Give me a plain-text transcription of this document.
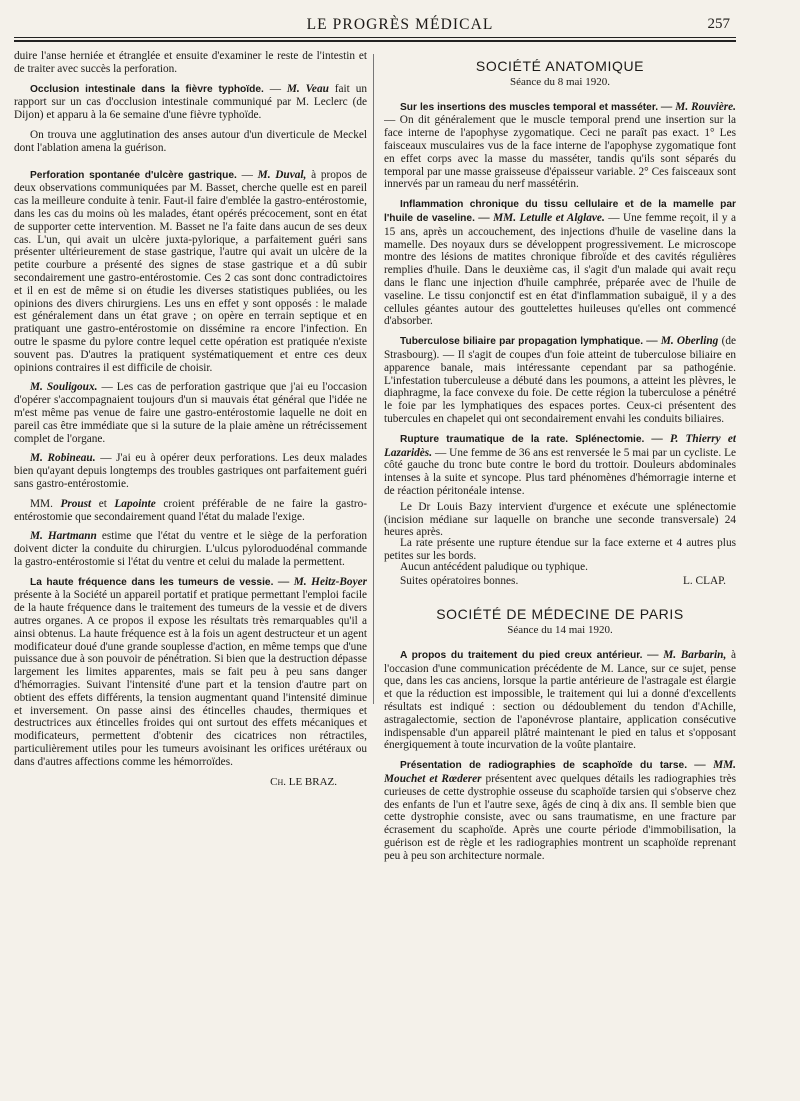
LE PROGRÈS MÉDICAL	257

duire l'anse herniée et étranglée et ensuite d'examiner le reste de l'intestin et de traiter avec succès la perforation.

Occlusion intestinale dans la fièvre typhoïde. — M. Veau fait un rapport sur un cas d'occlusion intestinale communiqué par M. Leclerc (de Dijon) et apparu à la 6e semaine d'une fièvre typhoïde.

On trouva une agglutination des anses autour d'un diverticule de Meckel dont l'ablation amena la guérison.

Perforation spontanée d'ulcère gastrique. — M. Duval, à propos de deux observations communiquées par M. Basset, cherche quelle est en pareil cas la meilleure conduite à tenir. Faut-il faire d'emblée la gastro-entérostomie, dans les cas du moins où les malades, étant opérés précocement, sont en état de supporter cette intervention. M. Basset ne l'a faite dans aucun de ses deux cas. L'un, qui avait un ulcère juxta-pylorique, a parfaitement guéri sans présenter ultérieurement de stase gastrique, l'autre qui avait un ulcère de la petite courbure a présenté des signes de stase gastrique et a dû subir secondairement une gastro-entérostomie. Ces 2 cas sont donc contradictoires et il en est de même si on étudie les diverses statistiques publiées, ou les opinions des divers chirurgiens. Les uns en effet y sont opposés : le malade est généralement dans un état grave ; on opère en terrain septique et en pratiquant une gastro-entérostomie on dissémine ra encore l'infection. En outre le spasme du pylore contre lequel cette opération est pratiquée n'existe souvent pas. D'autres la pratiquent systématiquement et entre ces deux opinions contraires il est difficile de choisir.

M. Souligoux. — Les cas de perforation gastrique que j'ai eu l'occasion d'opérer s'accompagnaient toujours d'un si mauvais état général que l'idée ne m'est même pas venue de faire une gastro-entérostomie laquelle ne doit en pareil cas être immédiate que si la suture de la plaie amène un rétrécissement complet de l'organe.

M. Robineau. — J'ai eu à opérer deux perforations. Les deux malades bien qu'ayant depuis longtemps des troubles gastriques ont parfaitement guéri sans gastro-entérostomie.

MM. Proust et Lapointe croient préférable de ne faire la gastro-entérostomie que secondairement quand l'état du malade l'exige.

M. Hartmann estime que l'état du ventre et le siège de la perforation doivent dicter la conduite du chirurgien. L'ulcus pyloroduodénal commande la gastro-entérostomie si l'état du ventre et celui du malade la permettent.

La haute fréquence dans les tumeurs de vessie. — M. Heitz-Boyer présente à la Société un appareil portatif et pratique permettant l'emploi facile de la haute fréquence dans le traitement des tumeurs de la vessie et de divers autres organes. A ce propos il expose les résultats très remarquables qu'il a ainsi obtenus. La haute fréquence est à la fois un agent destructeur et un agent modificateur doué d'une grande souplesse d'action, en même temps que d'une puissance due à son pouvoir de pénétration. Si bien que la destruction dépasse largement les limites apparentes, mais se fait peu à peu sans danger d'hémorragies. Suivant l'intensité d'une part et la tension d'autre part on obtient des effets différents, la tension augmentant quand l'intensité diminue et inversement. On passe ainsi des étincelles chaudes, thermiques et destructrices aux étincelles froides qui ont surtout des effets mécaniques et modificateurs, permettent d'obtenir des cicatrices non rétractiles, particulièrement utiles pour les tumeurs avoisinant les orifices urétéraux ou dans d'autres affections comme les hémorroïdes.

Ch. LE BRAZ.
SOCIÉTÉ ANATOMIQUE
Séance du 8 mai 1920.

Sur les insertions des muscles temporal et masséter. — M. Rouvière. — On dit généralement que le muscle temporal prend une insertion sur la face interne de l'apophyse zygomatique. Ceci ne paraît pas exact. 1° Les faisceaux musculaires vus de la face interne de l'apophyse zygomatique font en effet corps avec la masse du masséter, tandis qu'ils sont séparés du temporal par une masse graisseuse d'épaisseur variable. 2° Ces faisceaux sont innervés par un rameau du nerf massétérin.

Inflammation chronique du tissu cellulaire et de la mamelle par l'huile de vaseline. — MM. Letulle et Alglave. — Une femme reçoit, il y a 15 ans, après un accouchement, des injections d'huile de vaseline dans la mamelle. Des noyaux durs se développent progressivement. Le microscope montre des lésions de matites chronique fibroïde et des cavités régulières remplies d'huile. Dans le deuxième cas, il s'agit d'un malade qui avait reçu dans le flanc une injection d'huile camphrée, préparée avec de l'huile de vaseline. Le tissu conjonctif est en état d'inflammation subaiguë, il y a des cellules géantes autour des gouttelettes huileuses qu'elles ont commencé d'absorber.

Tuberculose biliaire par propagation lymphatique. — M. Oberling (de Strasbourg). — Il s'agit de coupes d'un foie atteint de tuberculose biliaire en apparence banale, mais intéressante cependant par sa pathogénie. L'infestation tuberculeuse a débuté dans les poumons, a atteint les plèvres, le diaphragme, la face convexe du foie. De cette région la tuberculose a pénétré le foie par les lymphatiques des espaces portes. Ceux-ci présentent des tubercules en chapelet qui ont secondairement envahi les conduits biliaires.

Rupture traumatique de la rate. Splénectomie. — P. Thierry et Lazaridès. — Une femme de 36 ans est renversée le 5 mai par un cycliste. Le côté gauche du tronc bute contre le bord du trottoir. Douleurs abdominales intenses à la suite et syncope. Plus tard phénomènes d'hémorragie interne et de réaction péritonéale intense.

Le Dr Louis Bazy intervient d'urgence et exécute une splénectomie (incision médiane sur laquelle on branche une seconde transversale) 24 heures après.

La rate présente une rupture étendue sur la face externe et 4 autres plus petites sur les bords.

Aucun antécédent paludique ou typhique.

Suites opératoires bonnes.	L. CLAP.
SOCIÉTÉ DE MÉDECINE DE PARIS
Séance du 14 mai 1920.

A propos du traitement du pied creux antérieur. — M. Barbarin, à l'occasion d'une communication précédente de M. Lance, sur ce sujet, pense que, dans les cas anciens, lorsque la partie antérieure de l'astragale est élargie et que la réduction est impossible, le traitement qui lui a donné d'excellents résultats est indiqué : section ou dédoublement du tendon d'Achille, astragalectomie, section de l'aponévrose plantaire, application consécutive indispensable d'un appareil plâtré maintenant le pied en talus et s'opposant énergiquement à toute incurvation de la voûte plantaire.

Présentation de radiographies de scaphoïde du tarse. — MM. Mouchet et Rœderer présentent avec quelques détails les radiographies très curieuses de cette dystrophie osseuse du scaphoïde tarsien qui s'observe chez des enfants de l'un et l'autre sexe, âgés de cinq à dix ans. Il semble bien que cette dystrophie consiste, avec ou sans traumatisme, en une fracture par écrasement du scaphoïde. Après une courte période d'immobilisation, la guérison est de règle et les radiographies montrent un scaphoïde reprenant peu à peu son architecture normale.
